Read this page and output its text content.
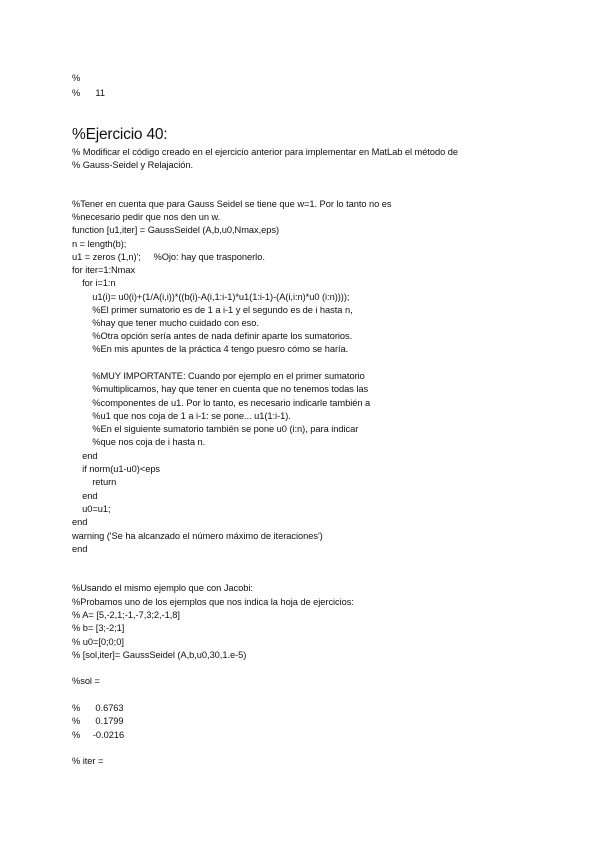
%
%      11
%Ejercicio 40:
% Modificar el código creado en el ejercicio anterior para implementar en MatLab el método de
% Gauss-Seidel y Relajación.
%Tener en cuenta que para Gauss Seidel se tiene que w=1. Por lo tanto no es
%necesario pedir que nos den un w.
function [u1,iter] = GaussSeidel (A,b,u0,Nmax,eps)
n = length(b);
u1 = zeros (1,n)';     %Ojo: hay que trasponerlo.
for iter=1:Nmax
for i=1:n
u1(i)= u0(i)+(1/A(i,i))*((b(i)-A(i,1:i-1)*u1(1:i-1)-(A(i,i:n)*u0 (i:n))));
%El primer sumatorio es de 1 a i-1 y el segundo es de i hasta n,
%hay que tener mucho cuidado con eso.
%Otra opción sería antes de nada definir aparte los sumatorios.
%En mis apuntes de la práctica 4 tengo puesro cómo se haría.
%MUY IMPORTANTE: Cuando por ejemplo en el primer sumatorio
%multiplicamos, hay que tener en cuenta que no tenemos todas las
%componentes de u1. Por lo tanto, es necesario indicarle también a
%u1 que nos coja de 1 a i-1: se pone... u1(1:i-1).
%En el siguiente sumatorio también se pone u0 (i:n), para indicar
%que nos coja de i hasta n.
end
if norm(u1-u0)<eps
return
end
u0=u1;
end
warning ('Se ha alcanzado el número máximo de iteraciones')
end
%Usando el mismo ejemplo que con Jacobi:
%Probamos uno de los ejemplos que nos indica la hoja de ejercicios:
% A= [5,-2,1;-1,-7,3;2,-1,8]
% b= [3;-2;1]
% u0=[0;0;0]
% [sol,iter]= GaussSeidel (A,b,u0,30,1.e-5)
%sol =
%      0.6763
%      0.1799
%     -0.0216
% iter =
